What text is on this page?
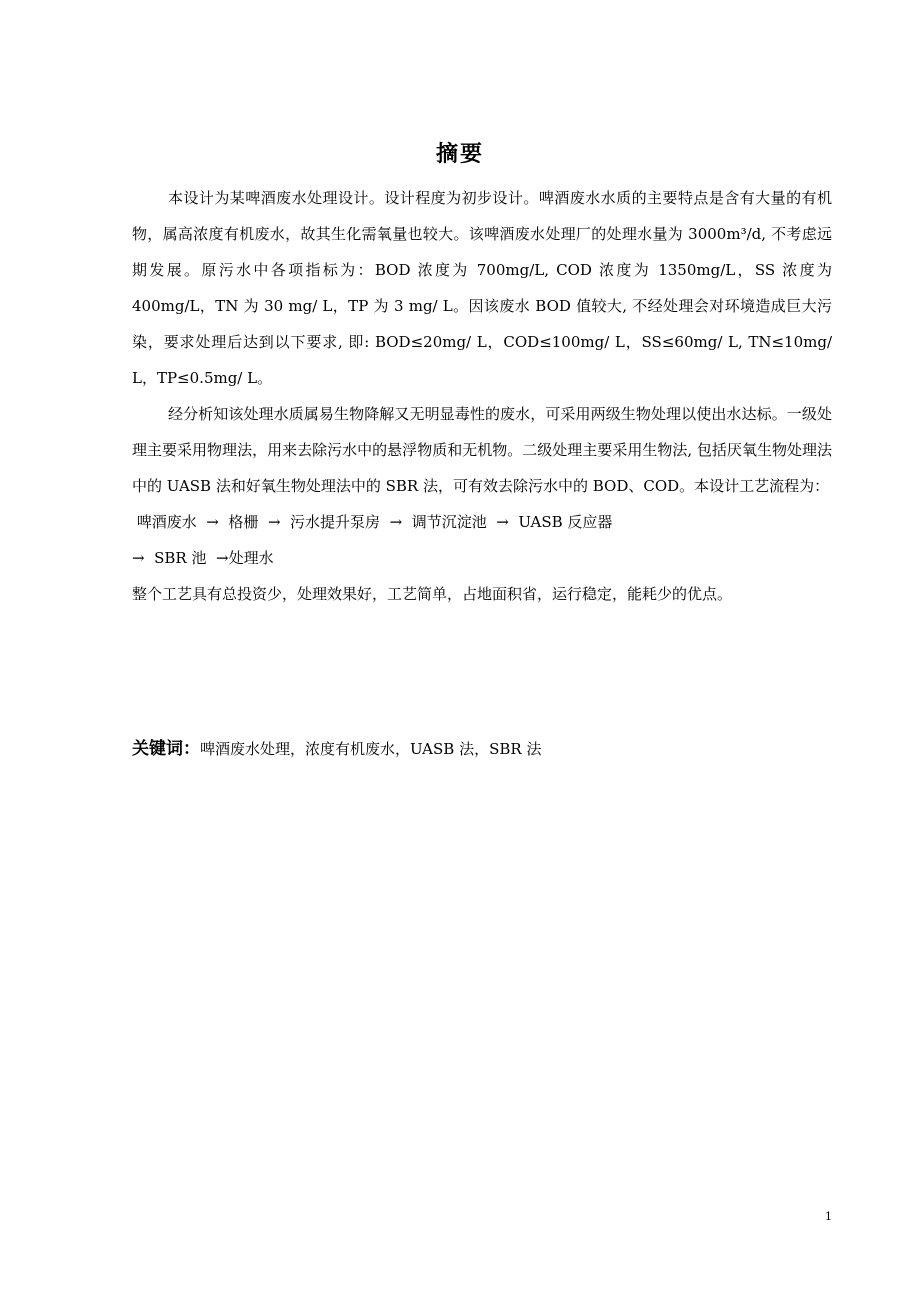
摘要

本设计为某啤酒废水处理设计。设计程度为初步设计。啤酒废水水质的主要特点是含有大量的有机物，属高浓度有机废水，故其生化需氧量也较大。该啤酒废水处理厂的处理水量为 3000m³/d, 不考虑远期发展。原污水中各项指标为：BOD 浓度为 700mg/L, COD 浓度为 1350mg/L，SS 浓度为 400mg/L，TN 为 30 mg/ L，TP 为 3 mg/ L。因该废水 BOD 值较大, 不经处理会对环境造成巨大污染，要求处理后达到以下要求, 即: BOD≤20mg/ L，COD≤100mg/ L，SS≤60mg/ L, TN≤10mg/ L，TP≤0.5mg/ L。

经分析知该处理水质属易生物降解又无明显毒性的废水，可采用两级生物处理以使出水达标。一级处理主要采用物理法，用来去除污水中的悬浮物质和无机物。二级处理主要采用生物法, 包括厌氧生物处理法中的 UASB 法和好氧生物处理法中的 SBR 法，可有效去除污水中的 BOD、COD。本设计工艺流程为：

啤酒废水  →  格栅  →  污水提升泵房  →  调节沉淀池  →  UASB 反应器

→  SBR 池  →处理水

整个工艺具有总投资少，处理效果好，工艺简单，占地面积省，运行稳定，能耗少的优点。

关键词：啤酒废水处理，浓度有机废水，UASB 法，SBR 法
1
